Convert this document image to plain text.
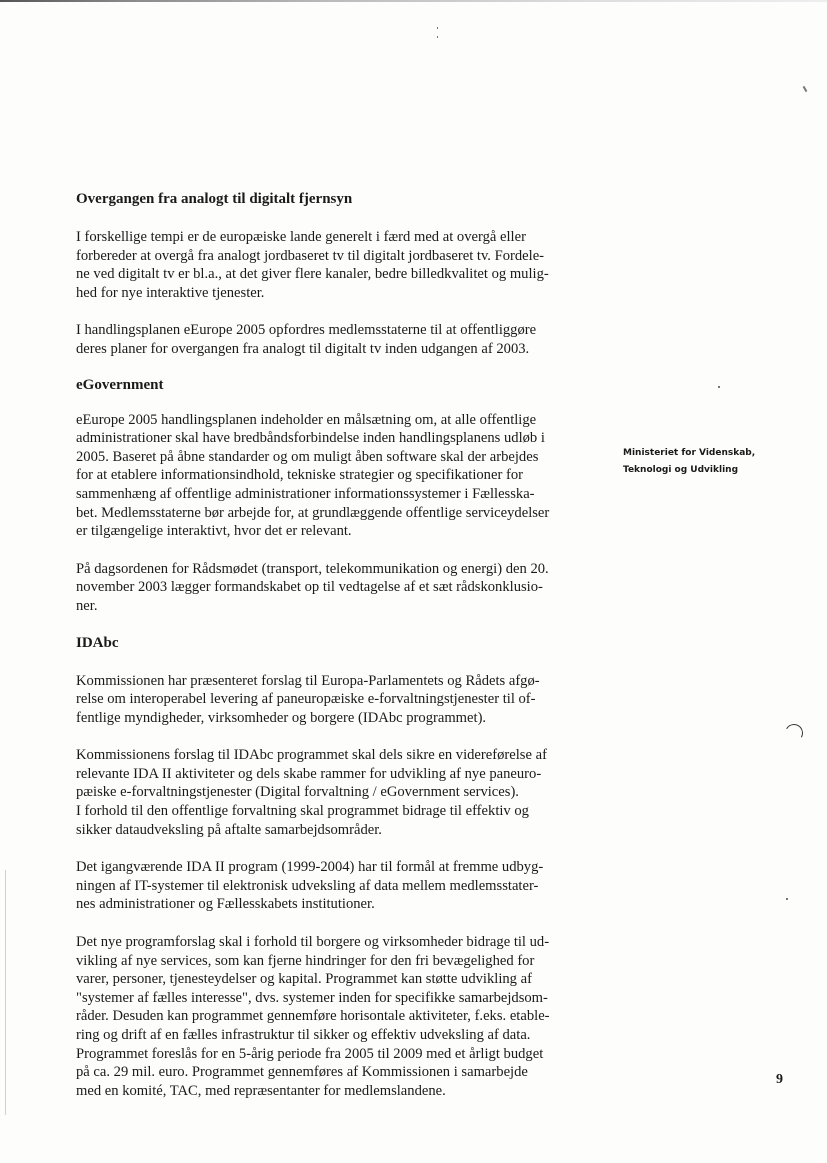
Overgangen fra analogt til digitalt fjernsyn

I forskellige tempi er de europæiske lande generelt i færd med at overgå eller
forbereder at overgå fra analogt jordbaseret tv til digitalt jordbaseret tv. Fordele-
ne ved digitalt tv er bl.a., at det giver flere kanaler, bedre billedkvalitet og mulig-
hed for nye interaktive tjenester.

I handlingsplanen eEurope 2005 opfordres medlemsstaterne til at offentliggøre
deres planer for overgangen fra analogt til digitalt tv inden udgangen af 2003.

eGovernment

eEurope 2005 handlingsplanen indeholder en målsætning om, at alle offentlige
administrationer skal have bredbåndsforbindelse inden handlingsplanens udløb i
2005. Baseret på åbne standarder og om muligt åben software skal der arbejdes
for at etablere informationsindhold, tekniske strategier og specifikationer for
sammenhæng af offentlige administrationer informationssystemer i Fællesska-
bet. Medlemsstaterne bør arbejde for, at grundlæggende offentlige serviceydelser
er tilgængelige interaktivt, hvor det er relevant.

På dagsordenen for Rådsmødet (transport, telekommunikation og energi) den 20.
november 2003 lægger formandskabet op til vedtagelse af et sæt rådskonklusio-
ner.

IDAbc

Kommissionen har præsenteret forslag til Europa-Parlamentets og Rådets afgø-
relse om interoperabel levering af paneuropæiske e-forvaltningstjenester til of-
fentlige myndigheder, virksomheder og borgere (IDAbc programmet).

Kommissionens forslag til IDAbc programmet skal dels sikre en videreførelse af
relevante IDA II aktiviteter og dels skabe rammer for udvikling af nye paneuro-
pæiske e-forvaltningstjenester (Digital forvaltning / eGovernment services).
I forhold til den offentlige forvaltning skal programmet bidrage til effektiv og
sikker dataudveksling på aftalte samarbejdsområder.

Det igangværende IDA II program (1999-2004) har til formål at fremme udbyg-
ningen af IT-systemer til elektronisk udveksling af data mellem medlemsstater-
nes administrationer og Fællesskabets institutioner.

Det nye programforslag skal i forhold til borgere og virksomheder bidrage til ud-
vikling af nye services, som kan fjerne hindringer for den fri bevægelighed for
varer, personer, tjenesteydelser og kapital. Programmet kan støtte udvikling af
"systemer af fælles interesse", dvs. systemer inden for specifikke samarbejdsom-
råder. Desuden kan programmet gennemføre horisontale aktiviteter, f.eks. etable-
ring og drift af en fælles infrastruktur til sikker og effektiv udveksling af data.
Programmet foreslås for en 5-årig periode fra 2005 til 2009 med et årligt budget
på ca. 29 mil. euro. Programmet gennemføres af Kommissionen i samarbejde
med en komité, TAC, med repræsentanter for medlemslandene.

Ministeriet for Videnskab,
Teknologi og Udvikling
9
